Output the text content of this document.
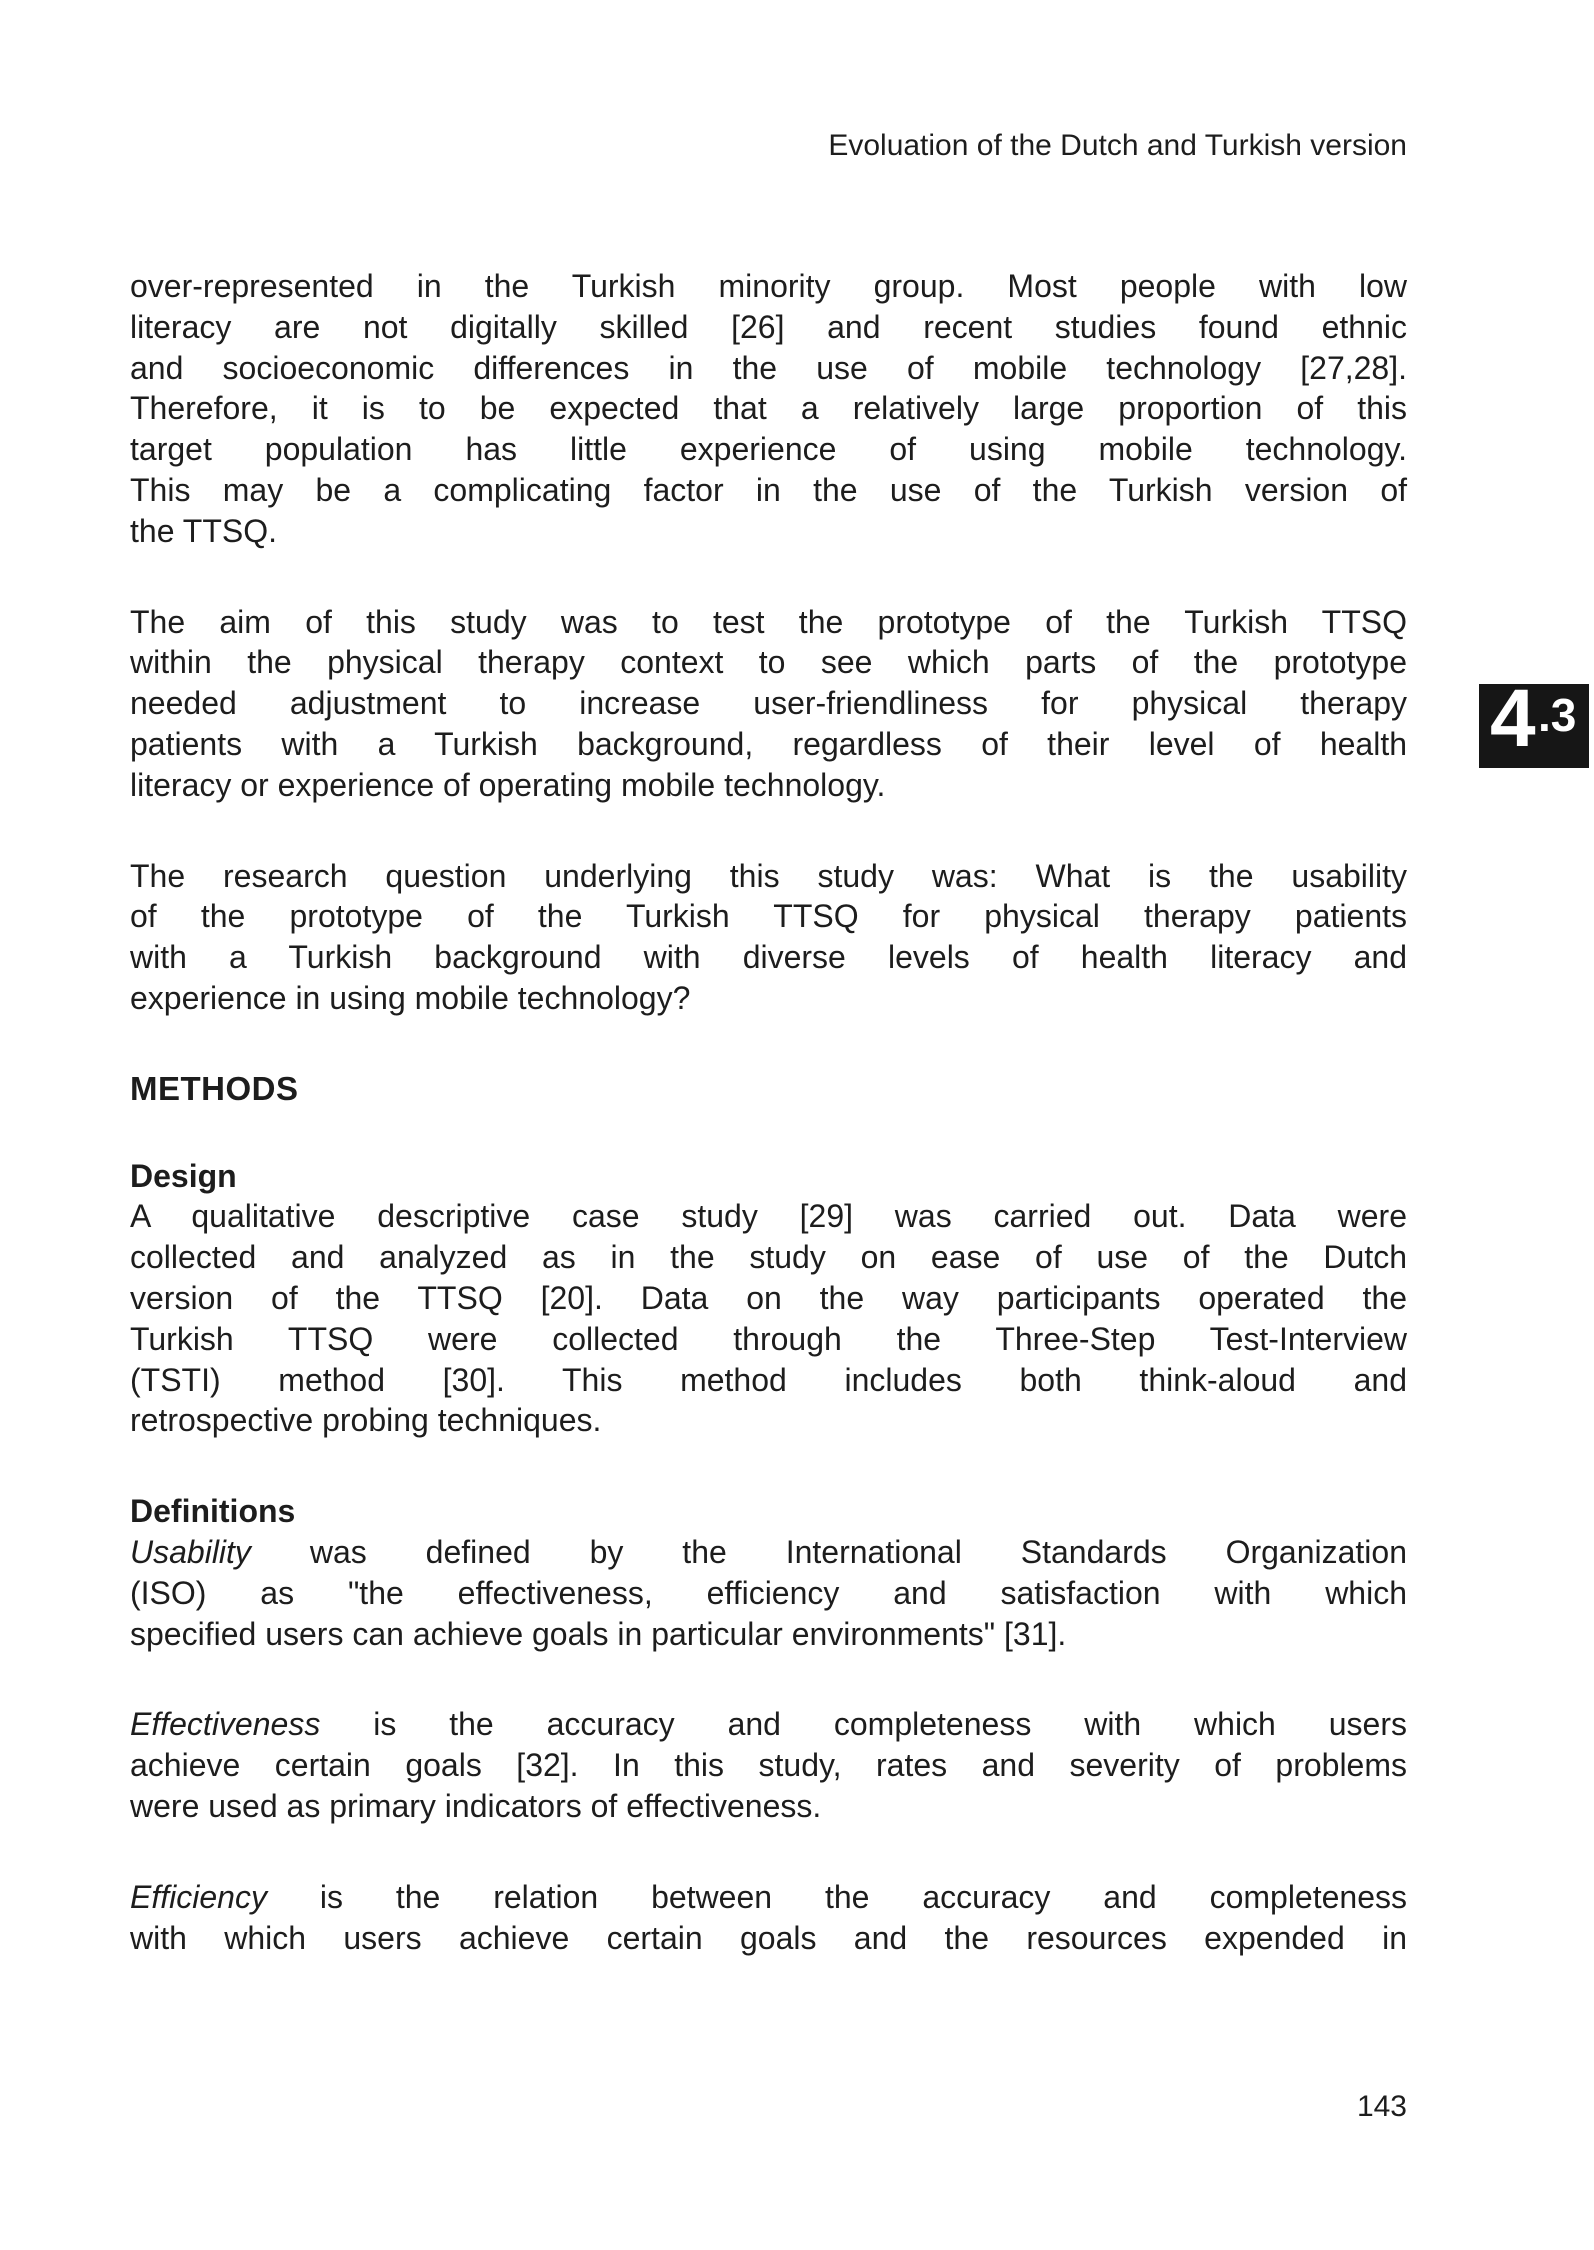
Evoluation of the Dutch and Turkish version
4 .3

over-represented in the Turkish minority group. Most people with low
literacy are not digitally skilled [26] and recent studies found ethnic
and socioeconomic differences in the use of mobile technology [27,28].
Therefore, it is to be expected that a relatively large proportion of this
target population has little experience of using mobile technology.
This may be a complicating factor in the use of the Turkish version of
the TTSQ.

The aim of this study was to test the prototype of the Turkish TTSQ
within the physical therapy context to see which parts of the prototype
needed adjustment to increase user-friendliness for physical therapy
patients with a Turkish background, regardless of their level of health
literacy or experience of operating mobile technology.

The research question underlying this study was: What is the usability
of the prototype of the Turkish TTSQ for physical therapy patients
with a Turkish background with diverse levels of health literacy and
experience in using mobile technology?

METHODS
Design

A qualitative descriptive case study [29] was carried out. Data were
collected and analyzed as in the study on ease of use of the Dutch
version of the TTSQ [20]. Data on the way participants operated the
Turkish TTSQ were collected through the Three-Step Test-Interview
(TSTI) method [30]. This method includes both think-aloud and
retrospective probing techniques.

Definitions

Usability was defined by the International Standards Organization
(ISO) as "the effectiveness, efficiency and satisfaction with which
specified users can achieve goals in particular environments" [31].

Effectiveness is the accuracy and completeness with which users
achieve certain goals [32]. In this study, rates and severity of problems
were used as primary indicators of effectiveness.

Efficiency is the relation between the accuracy and completeness
with which users achieve certain goals and the resources expended in

143
